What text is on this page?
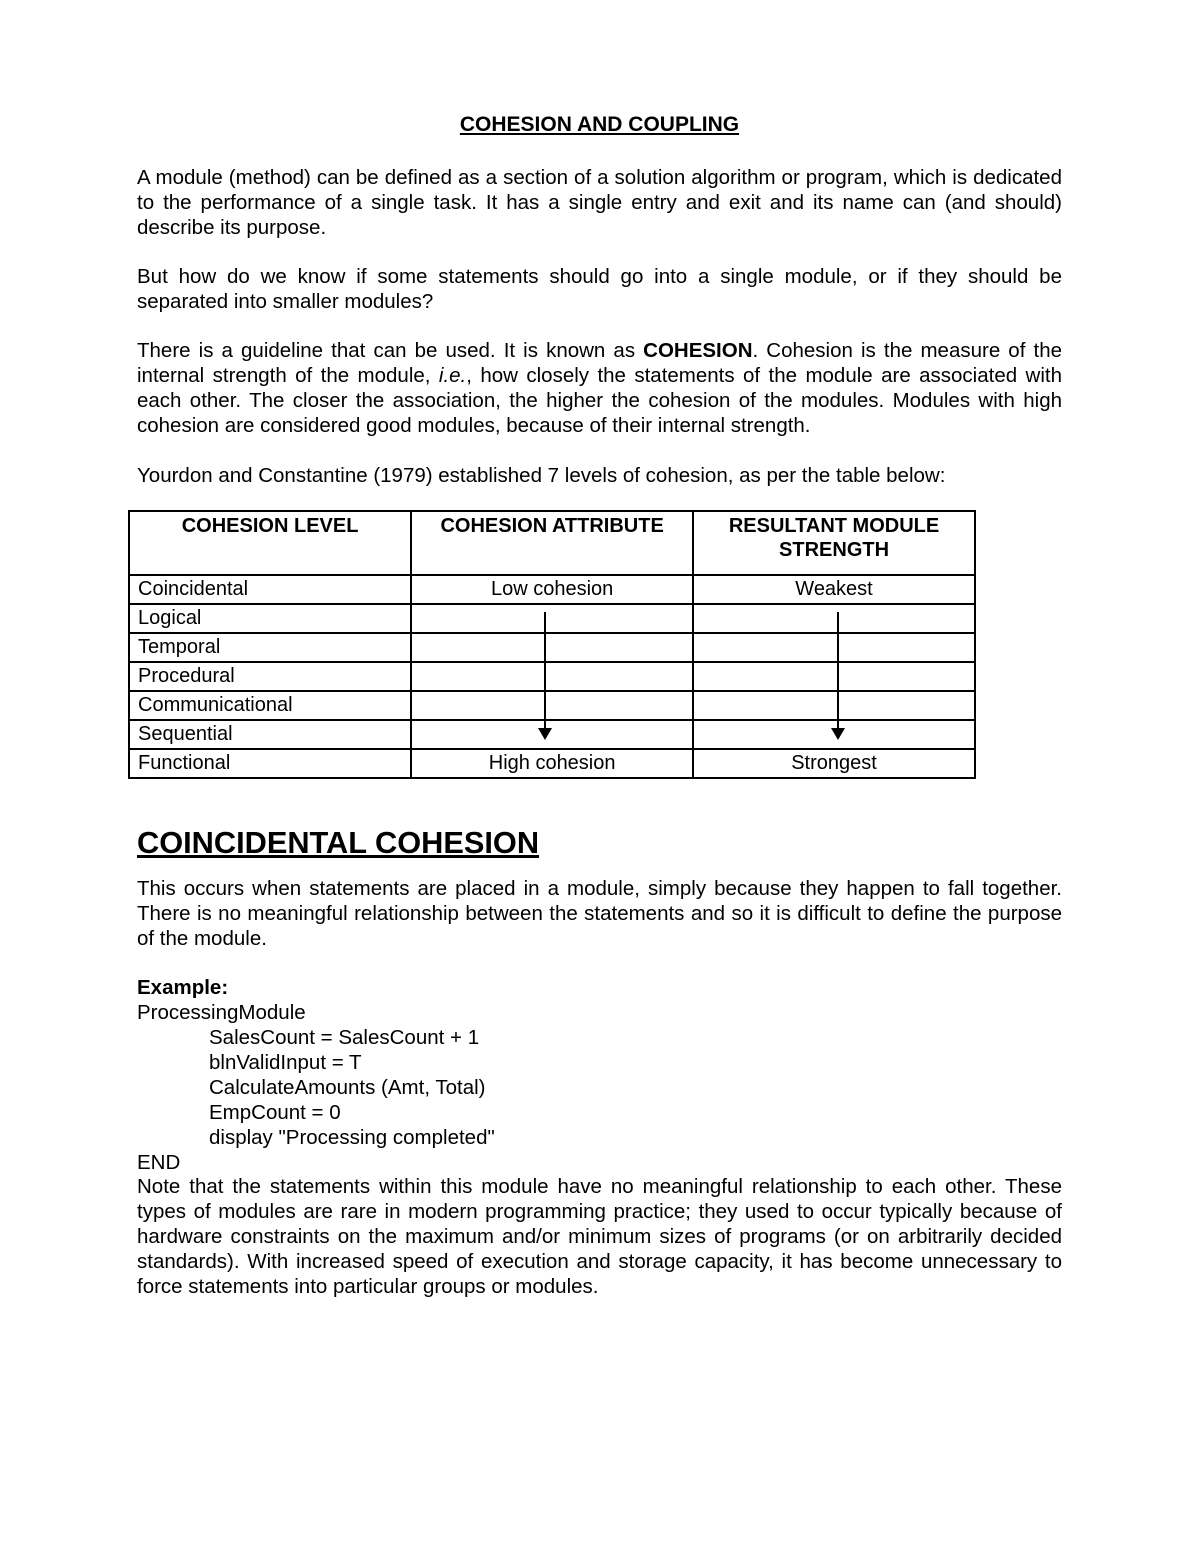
COHESION AND COUPLING

A module (method) can be defined as a section of a solution algorithm or program, which is dedicated to the performance of a single task. It has a single entry and exit and its name can (and should) describe its purpose.

But how do we know if some statements should go into a single module, or if they should be separated into smaller modules?

There is a guideline that can be used. It is known as COHESION. Cohesion is the measure of the internal strength of the module, i.e., how closely the statements of the module are associated with each other. The closer the association, the higher the cohesion of the modules. Modules with high cohesion are considered good modules, because of their internal strength.

Yourdon and Constantine (1979) established 7 levels of cohesion, as per the table below:

COINCIDENTAL COHESION

This occurs when statements are placed in a module, simply because they happen to fall together. There is no meaningful relationship between the statements and so it is difficult to define the purpose of the module.

Example:
ProcessingModule
SalesCount = SalesCount + 1
blnValidInput = T
CalculateAmounts (Amt, Total)
EmpCount = 0
display "Processing completed"
END

Note that the statements within this module have no meaningful relationship to each other. These types of modules are rare in modern programming practice; they used to occur typically because of hardware constraints on the maximum and/or minimum sizes of programs (or on arbitrarily decided standards). With increased speed of execution and storage capacity, it has become unnecessary to force statements into particular groups or modules.

COHESION LEVEL	COHESION ATTRIBUTE	RESULTANT MODULE STRENGTH
Coincidental	Low cohesion	Weakest
Logical		
Temporal		
Procedural		
Communicational		
Sequential		
Functional	High cohesion	Strongest
